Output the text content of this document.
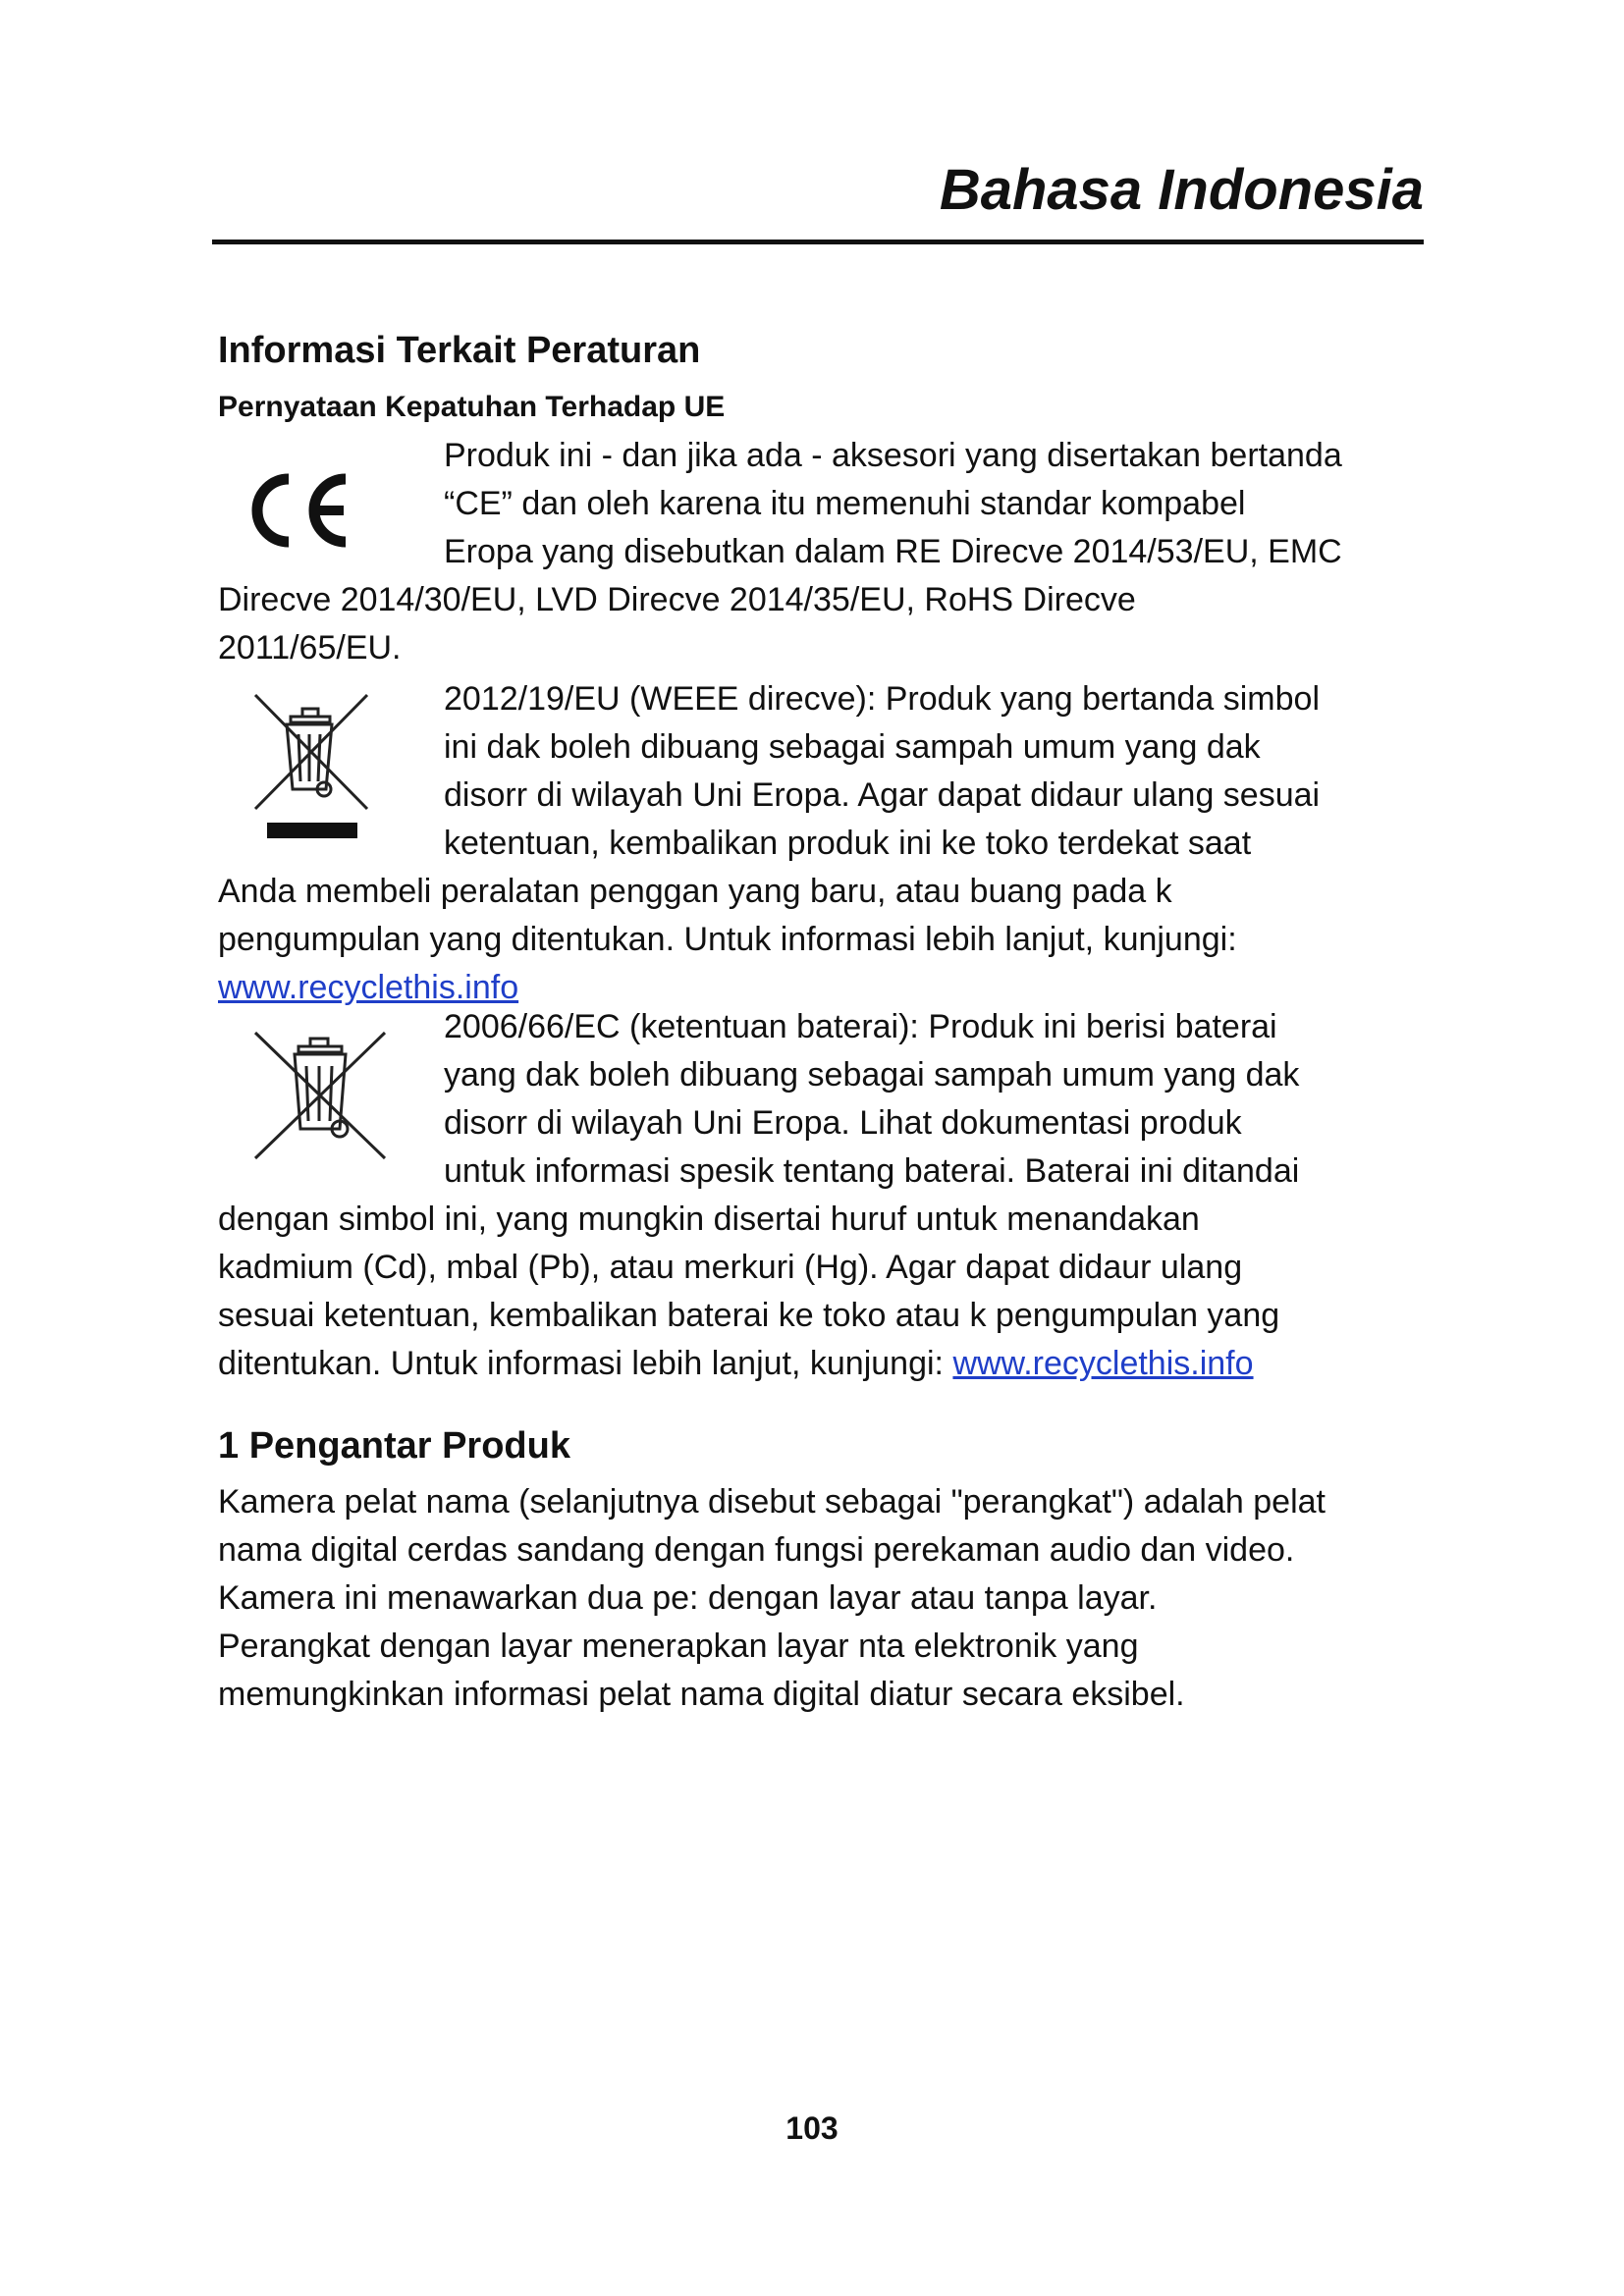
Bahasa Indonesia
Informasi Terkait Peraturan
Pernyataan Kepatuhan Terhadap UE

Produk ini - dan jika ada - aksesori yang disertakan bertanda

“CE” dan oleh karena itu memenuhi standar kompabel

Eropa yang disebutkan dalam RE Direcve 2014/53/EU, EMC

Direcve 2014/30/EU, LVD Direcve 2014/35/EU, RoHS Direcve

2011/65/EU.

2012/19/EU (WEEE direcve): Produk yang bertanda simbol

ini dak boleh dibuang sebagai sampah umum yang dak

disorr di wilayah Uni Eropa. Agar dapat didaur ulang sesuai

ketentuan, kembalikan produk ini ke toko terdekat saat

Anda membeli peralatan penggan yang baru, atau buang pada k

pengumpulan yang ditentukan. Untuk informasi lebih lanjut, kunjungi:

www.recyclethis.info

2006/66/EC (ketentuan baterai): Produk ini berisi baterai

yang dak boleh dibuang sebagai sampah umum yang dak

disorr di wilayah Uni Eropa. Lihat dokumentasi produk

untuk informasi spesik tentang baterai. Baterai ini ditandai

dengan simbol ini, yang mungkin disertai huruf untuk menandakan

kadmium (Cd), mbal (Pb), atau merkuri (Hg). Agar dapat didaur ulang

sesuai ketentuan, kembalikan baterai ke toko atau k pengumpulan yang

ditentukan. Untuk informasi lebih lanjut, kunjungi: www.recyclethis.info

1 Pengantar Produk

Kamera pelat nama (selanjutnya disebut sebagai "perangkat") adalah pelat

nama digital cerdas sandang dengan fungsi perekaman audio dan video.

Kamera ini menawarkan dua pe: dengan layar atau tanpa layar.

Perangkat dengan layar menerapkan layar nta elektronik yang

memungkinkan informasi pelat nama digital diatur secara eksibel.

103
